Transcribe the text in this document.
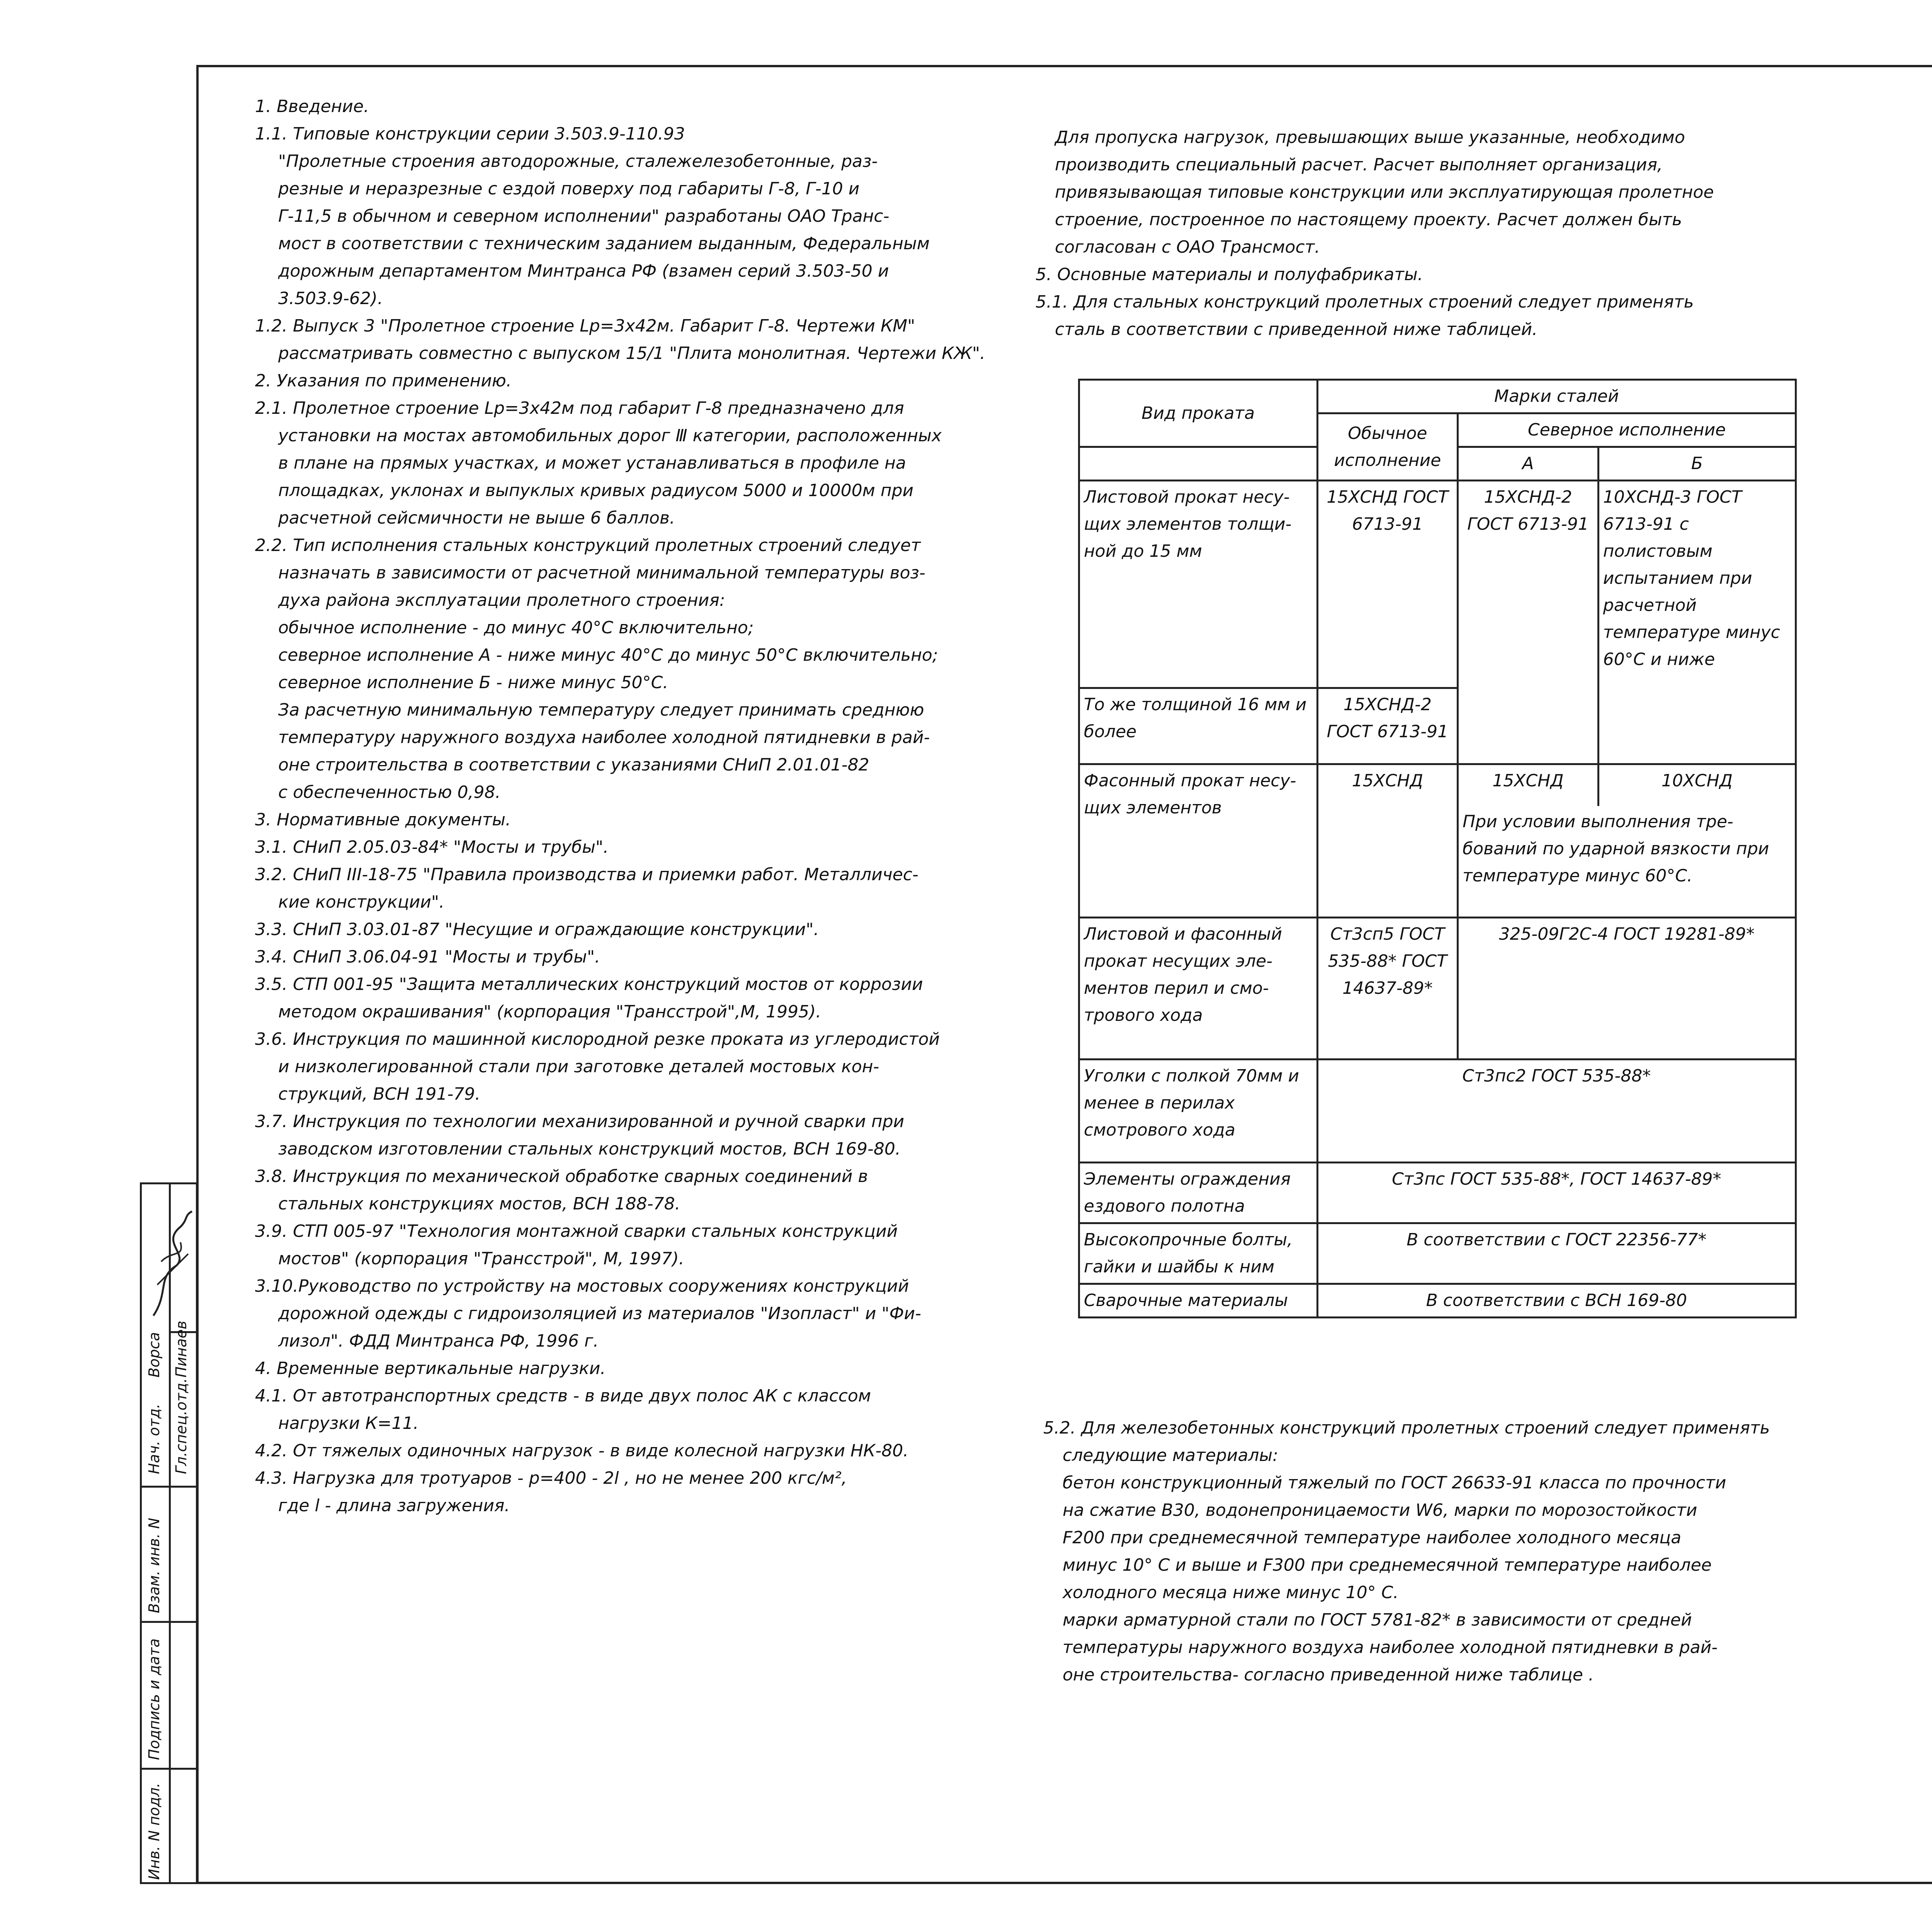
Нач. отд. Гл.спец.отд.
Ворса Пинаев
Взам. инв. N
Подпись и дата
Инв. N подл.
1. Введение.
1.1. Типовые конструкции серии 3.503.9-110.93
"Пролетные строения автодорожные, сталежелезобетонные, раз-
резные и неразрезные с ездой поверху под габариты Г-8, Г-10 и
Г-11,5 в обычном и северном исполнении" разработаны ОАО Транс-
мост в соответствии с техническим заданием выданным, Федеральным
дорожным департаментом Минтранса РФ (взамен серий 3.503-50 и
3.503.9-62).
1.2. Выпуск 3 "Пролетное строение Lр=3х42м. Габарит Г-8. Чертежи КМ"
рассматривать совместно с выпуском 15/1 "Плита монолитная. Чертежи КЖ".
2. Указания по применению.
2.1. Пролетное строение Lр=3х42м под габарит Г-8 предназначено для
установки на мостах автомобильных дорог Ⅲ категории, расположенных
в плане на прямых участках, и может устанавливаться в профиле на
площадках, уклонах и выпуклых кривых радиусом 5000 и 10000м при
расчетной сейсмичности не выше 6 баллов.
2.2. Тип исполнения стальных конструкций пролетных строений следует
назначать в зависимости от расчетной минимальной температуры воз-
духа района эксплуатации пролетного строения:
обычное исполнение - до минус 40°С включительно;
северное исполнение А - ниже минус 40°С до минус 50°С включительно;
северное исполнение Б - ниже минус 50°С.
За расчетную минимальную температуру следует принимать среднюю
температуру наружного воздуха наиболее холодной пятидневки в рай-
оне строительства в соответствии с указаниями СНиП 2.01.01-82
с обеспеченностью 0,98.
3. Нормативные документы.
3.1. СНиП 2.05.03-84* "Мосты и трубы".
3.2. СНиП III-18-75 "Правила производства и приемки работ. Металличес-
кие конструкции".
3.3. СНиП 3.03.01-87 "Несущие и ограждающие конструкции".
3.4. СНиП 3.06.04-91 "Мосты и трубы".
3.5. СТП 001-95 "Защита металлических конструкций мостов от коррозии
методом окрашивания" (корпорация "Трансстрой",М, 1995).
3.6. Инструкция по машинной кислородной резке проката из углеродистой
и низколегированной стали при заготовке деталей мостовых кон-
струкций, ВСН 191-79.
3.7. Инструкция по технологии механизированной и ручной сварки при
заводском изготовлении стальных конструкций мостов, ВСН 169-80.
3.8. Инструкция по механической обработке сварных соединений в
стальных конструкциях мостов, ВСН 188-78.
3.9. СТП 005-97 "Технология монтажной сварки стальных конструкций
мостов" (корпорация "Трансстрой", М, 1997).
3.10.Руководство по устройству на мостовых сооружениях конструкций
дорожной одежды с гидроизоляцией из материалов "Изопласт" и "Фи-
лизол". ФДД Минтранса РФ, 1996 г.
4. Временные вертикальные нагрузки.
4.1. От автотранспортных средств - в виде двух полос АК с классом
нагрузки К=11.
4.2. От тяжелых одиночных нагрузок - в виде колесной нагрузки НК-80.
4.3. Нагрузка для тротуаров - р=400 - 2l , но не менее 200 кгс/м²,
где l - длина загружения.
Для пропуска нагрузок, превышающих выше указанные, необходимо
производить специальный расчет. Расчет выполняет организация,
привязывающая типовые конструкции или эксплуатирующая пролетное
строение, построенное по настоящему проекту. Расчет должен быть
согласован с ОАО Трансмост.
5. Основные материалы и полуфабрикаты.
5.1. Для стальных конструкций пролетных строений следует применять
сталь в соответствии с приведенной ниже таблицей.
Вид проката	Марки сталей		
	Обычное исполнение	Северное исполнение	
		А	Б
Листовой прокат несу- щих элементов толщи- ной до 15 мм	15ХСНД ГОСТ 6713-91	15ХСНД-2 ГОСТ 6713-91	10ХСНД-3 ГОСТ 6713-91 с полистовым испытанием при расчетной температуре минус 60°С и ниже
То же толщиной 16 мм и более	15ХСНД-2 ГОСТ 6713-91		
Фасонный прокат несу- щих элементов	15ХСНД	15ХСНД	10ХСНД
		При условии выполнения тре- бований по ударной вязкости при температуре минус 60°С.	
Листовой и фасонный прокат несущих эле- ментов перил и смо- трового хода	Ст3сп5 ГОСТ 535-88* ГОСТ 14637-89*	325-09Г2С-4 ГОСТ 19281-89*	
Уголки с полкой 70мм и менее в перилах смотрового хода	Ст3пс2 ГОСТ 535-88*		
Элементы ограждения ездового полотна	Ст3пс ГОСТ 535-88*, ГОСТ 14637-89*		
Высокопрочные болты, гайки и шайбы к ним	В соответствии с ГОСТ 22356-77*		
Сварочные материалы	В соответствии с ВСН 169-80		
5.2. Для железобетонных конструкций пролетных строений следует применять
следующие материалы:
бетон конструкционный тяжелый по ГОСТ 26633-91 класса по прочности
на сжатие В30, водонепроницаемости W6, марки по морозостойкости
F200 при среднемесячной температуре наиболее холодного месяца
минус 10° С и выше и F300 при среднемесячной температуре наиболее
холодного месяца ниже минус 10° С.
марки арматурной стали по ГОСТ 5781-82* в зависимости от средней
температуры наружного воздуха наиболее холодной пятидневки в рай-
оне строительства- согласно приведенной ниже таблице .
